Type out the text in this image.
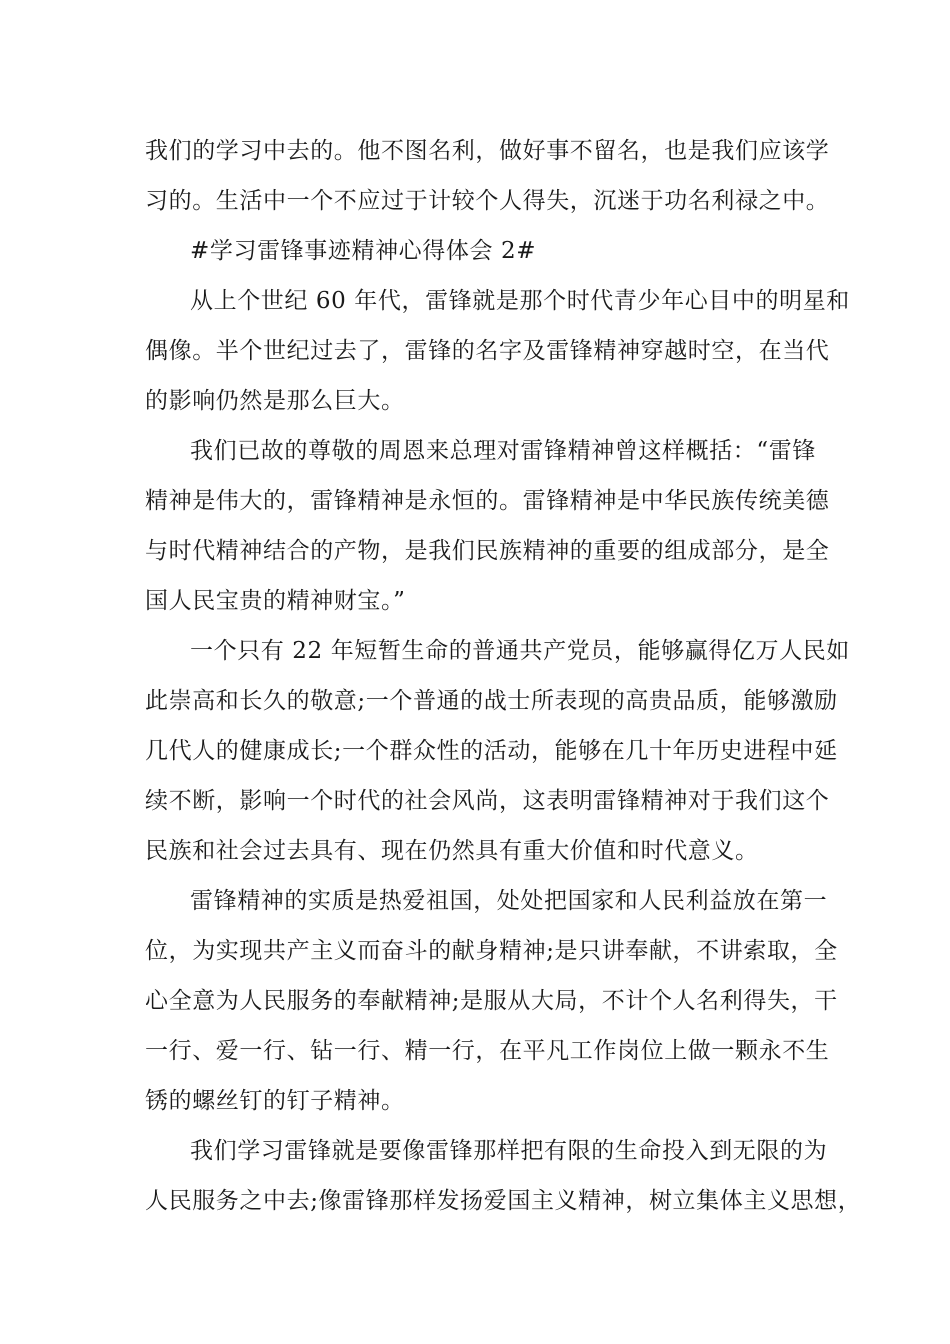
我们的学习中去的。他不图名利，做好事不留名，也是我们应该学
习的。生活中一个不应过于计较个人得失，沉迷于功名利禄之中。
#学习雷锋事迹精神心得体会 2#
从上个世纪 60 年代，雷锋就是那个时代青少年心目中的明星和
偶像。半个世纪过去了，雷锋的名字及雷锋精神穿越时空，在当代
的影响仍然是那么巨大。
我们已故的尊敬的周恩来总理对雷锋精神曾这样概括：“雷锋
精神是伟大的，雷锋精神是永恒的。雷锋精神是中华民族传统美德
与时代精神结合的产物，是我们民族精神的重要的组成部分，是全
国人民宝贵的精神财宝。”
一个只有 22 年短暂生命的普通共产党员，能够赢得亿万人民如
此崇高和长久的敬意;一个普通的战士所表现的高贵品质，能够激励
几代人的健康成长;一个群众性的活动，能够在几十年历史进程中延
续不断，影响一个时代的社会风尚，这表明雷锋精神对于我们这个
民族和社会过去具有、现在仍然具有重大价值和时代意义。
雷锋精神的实质是热爱祖国，处处把国家和人民利益放在第一
位，为实现共产主义而奋斗的献身精神;是只讲奉献，不讲索取，全
心全意为人民服务的奉献精神;是服从大局，不计个人名利得失，干
一行、爱一行、钻一行、精一行，在平凡工作岗位上做一颗永不生
锈的螺丝钉的钉子精神。
我们学习雷锋就是要像雷锋那样把有限的生命投入到无限的为
人民服务之中去;像雷锋那样发扬爱国主义精神，树立集体主义思想，
